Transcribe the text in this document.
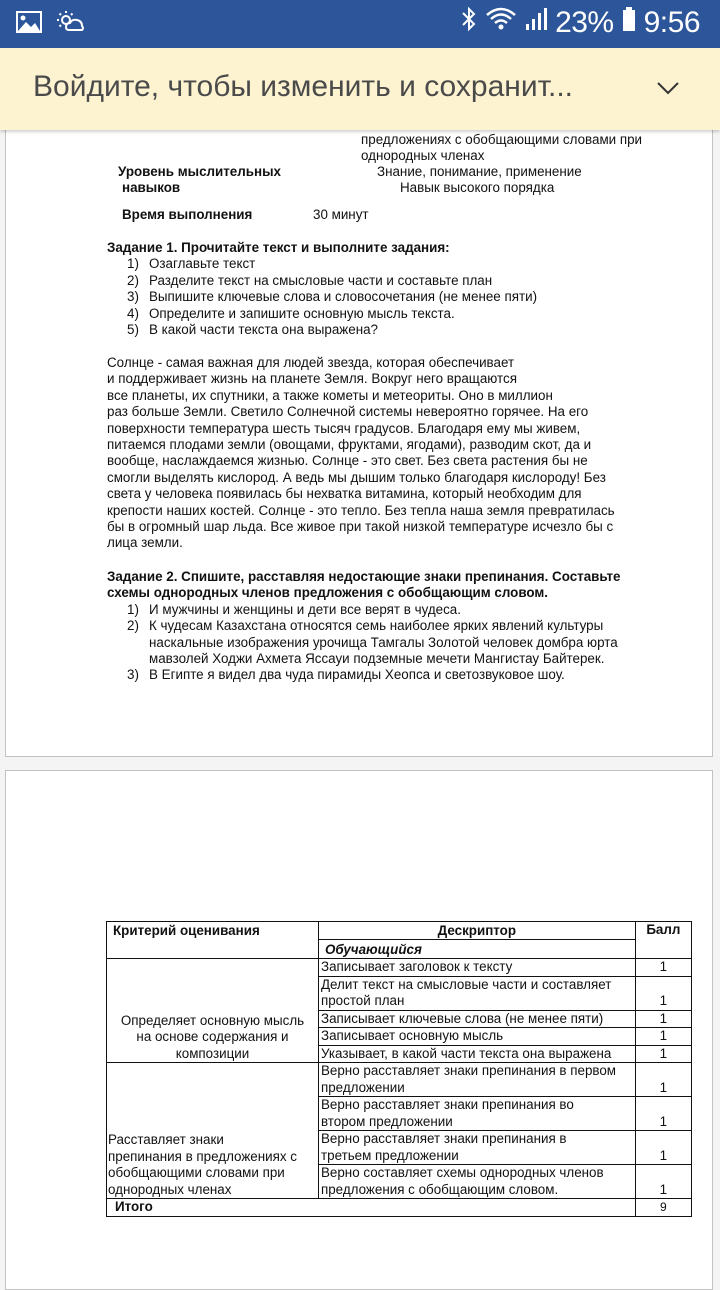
23% 9:56
Войдите, чтобы изменить и сохранит...
предложениях с обобщающими словами при
однородных членах
Уровень мыслительных
навыков
Знание, понимание, применение
Навык высокого порядка
Время выполнения	30 минут
Задание 1. Прочитайте текст и выполните задания:
1) Озаглавьте текст
2) Разделите текст на смысловые части и составьте план
3) Выпишите ключевые слова и словосочетания (не менее пяти)
4) Определите и запишите основную мысль текста.
5) В какой части текста она выражена?
Солнце - самая важная для людей звезда, которая обеспечивает
и поддерживает жизнь на планете Земля. Вокруг него вращаются
все планеты, их спутники, а также кометы и метеориты. Оно в миллион
раз больше Земли. Светило Солнечной системы невероятно горячее. На его
поверхности температура шесть тысяч градусов. Благодаря ему мы живем,
питаемся плодами земли (овощами, фруктами, ягодами), разводим скот, да и
вообще, наслаждаемся жизнью. Солнце - это свет. Без света растения бы не
смогли выделять кислород. А ведь мы дышим только благодаря кислороду! Без
света у человека появилась бы нехватка витамина, который необходим для
крепости наших костей. Солнце - это тепло. Без тепла наша земля превратилась
бы в огромный шар льда. Все живое при такой низкой температуре исчезло бы с
лица земли.
Задание 2. Спишите, расставляя недостающие знаки препинания. Составьте
схемы однородных членов предложения с обобщающим словом.
1) И мужчины и женщины и дети все верят в чудеса.
2) К чудесам Казахстана относятся семь наиболее ярких явлений культуры
наскальные изображения урочища Тамгалы Золотой человек домбра юрта
мавзолей Ходжи Ахмета Яссауи подземные мечети Мангистау Байтерек.
3) В Египте я видел два чуда пирамиды Хеопса и светозвуковое шоу.
Критерий оценивания	Дескриптор	Балл
	Обучающийся	

Определяет основную мысль
на основе содержания и
композиции	Записывает заголовок к тексту	1

	Делит текст на смысловые части и составляет
простой план	1
	Записывает ключевые слова (не менее пяти)	1
	Записывает основную мысль	1
	Указывает, в какой части текста она выражена	1

Расставляет знаки
препинания в предложениях с
обобщающими словами при
однородных членах

Верно расставляет знаки препинания в первом
предложении	1

	Верно расставляет знаки препинания во
втором предложении	1

	Верно расставляет знаки препинания в
третьем предложении	1

	Верно составляет схемы однородных членов
предложения с обобщающим словом.	1
Итого		9
